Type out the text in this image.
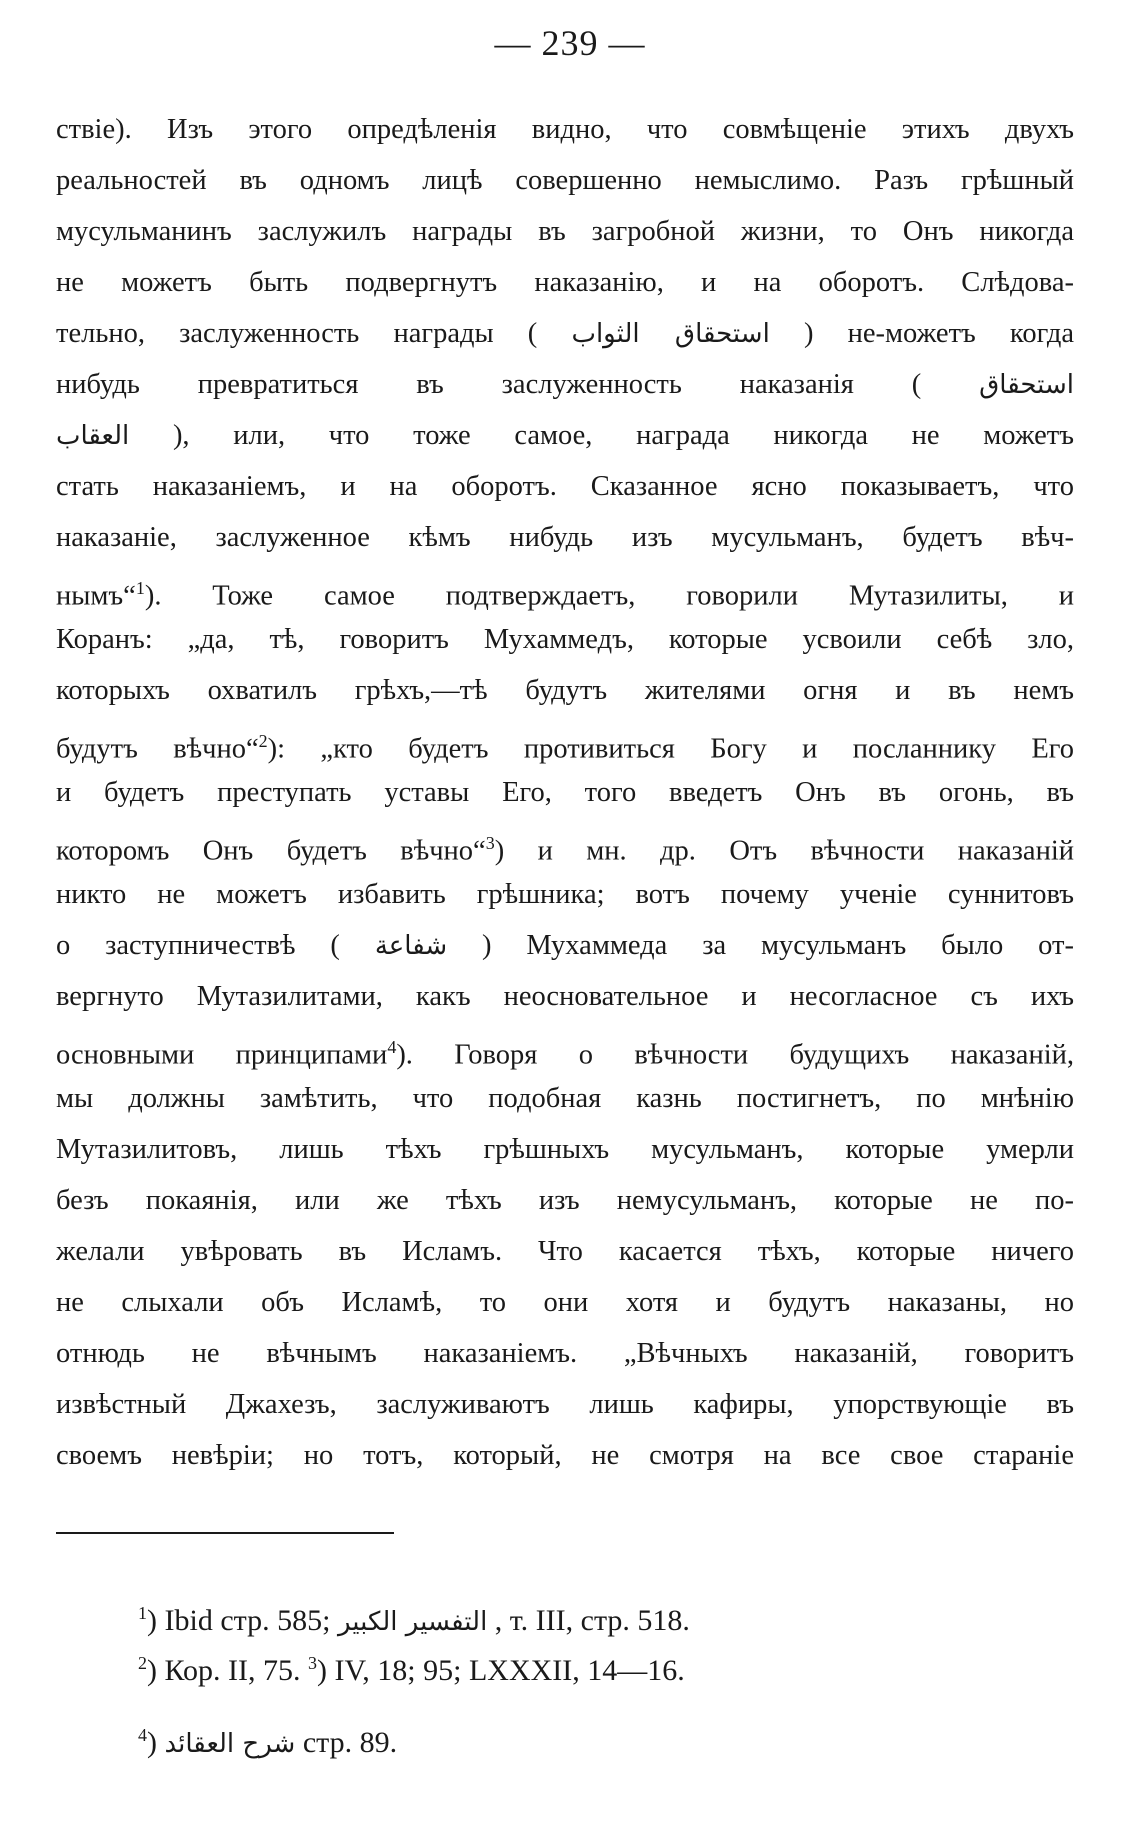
— 239 —
ствіе). Изъ этого опредѣленія видно, что совмѣщеніе этихъ двухъ
реальностей въ одномъ лицѣ совершенно немыслимо. Разъ грѣшный
мусульманинъ заслужилъ награды въ загробной жизни, то Онъ никогда
не можетъ быть подвергнутъ наказанію, и на оборотъ. Слѣдова-
тельно, заслуженность награды ( استحقاق الثواب ) не-можетъ когда
нибудь превратиться въ заслуженность наказанія ( استحقاق
العقاب ), или, что тоже самое, награда никогда не можетъ
стать наказаніемъ, и на оборотъ. Сказанное ясно показываетъ, что
наказаніе, заслуженное кѣмъ нибудь изъ мусульманъ, будетъ вѣч-
нымъ“$^1$). Тоже самое подтверждаетъ, говорили Мутазилиты, и
Коранъ: „да, тѣ, говоритъ Мухаммедъ, которые усвоили себѣ зло,
которыхъ охватилъ грѣхъ,—тѣ будутъ жителями огня и въ немъ
будутъ вѣчно“$^2$): „кто будетъ противиться Богу и посланнику Его
и будетъ преступать уставы Его, того введетъ Онъ въ огонь, въ
которомъ Онъ будетъ вѣчно“$^3$) и мн. др. Отъ вѣчности наказаній
никто не можетъ избавить грѣшника; вотъ почему ученіе суннитовъ
о заступничествѣ ( شفاعة ) Мухаммеда за мусульманъ было от-
вергнуто Мутазилитами, какъ неосновательное и несогласное съ ихъ
основными принципами$^4$). Говоря о вѣчности будущихъ наказаній,
мы должны замѣтить, что подобная казнь постигнетъ, по мнѣнію
Мутазилитовъ, лишь тѣхъ грѣшныхъ мусульманъ, которые умерли
безъ покаянія, или же тѣхъ изъ немусульманъ, которые не по-
желали увѣровать въ Исламъ. Что касается тѣхъ, которые ничего
не слыхали объ Исламѣ, то они хотя и будутъ наказаны, но
отнюдь не вѣчнымъ наказаніемъ. „Вѣчныхъ наказаній, говоритъ
извѣстный Джахезъ, заслуживаютъ лишь кафиры, упорствующіе въ
своемъ невѣріи; но тотъ, который, не смотря на все свое стараніе
$^1$) Ibid стр. 585; التفسير الكبير , т. III, стр. 518.
$^2$) Кор. II, 75. $^3$) IV, 18; 95; LXXXII, 14—16.
$^4$) شرح العقائد стр. 89.
